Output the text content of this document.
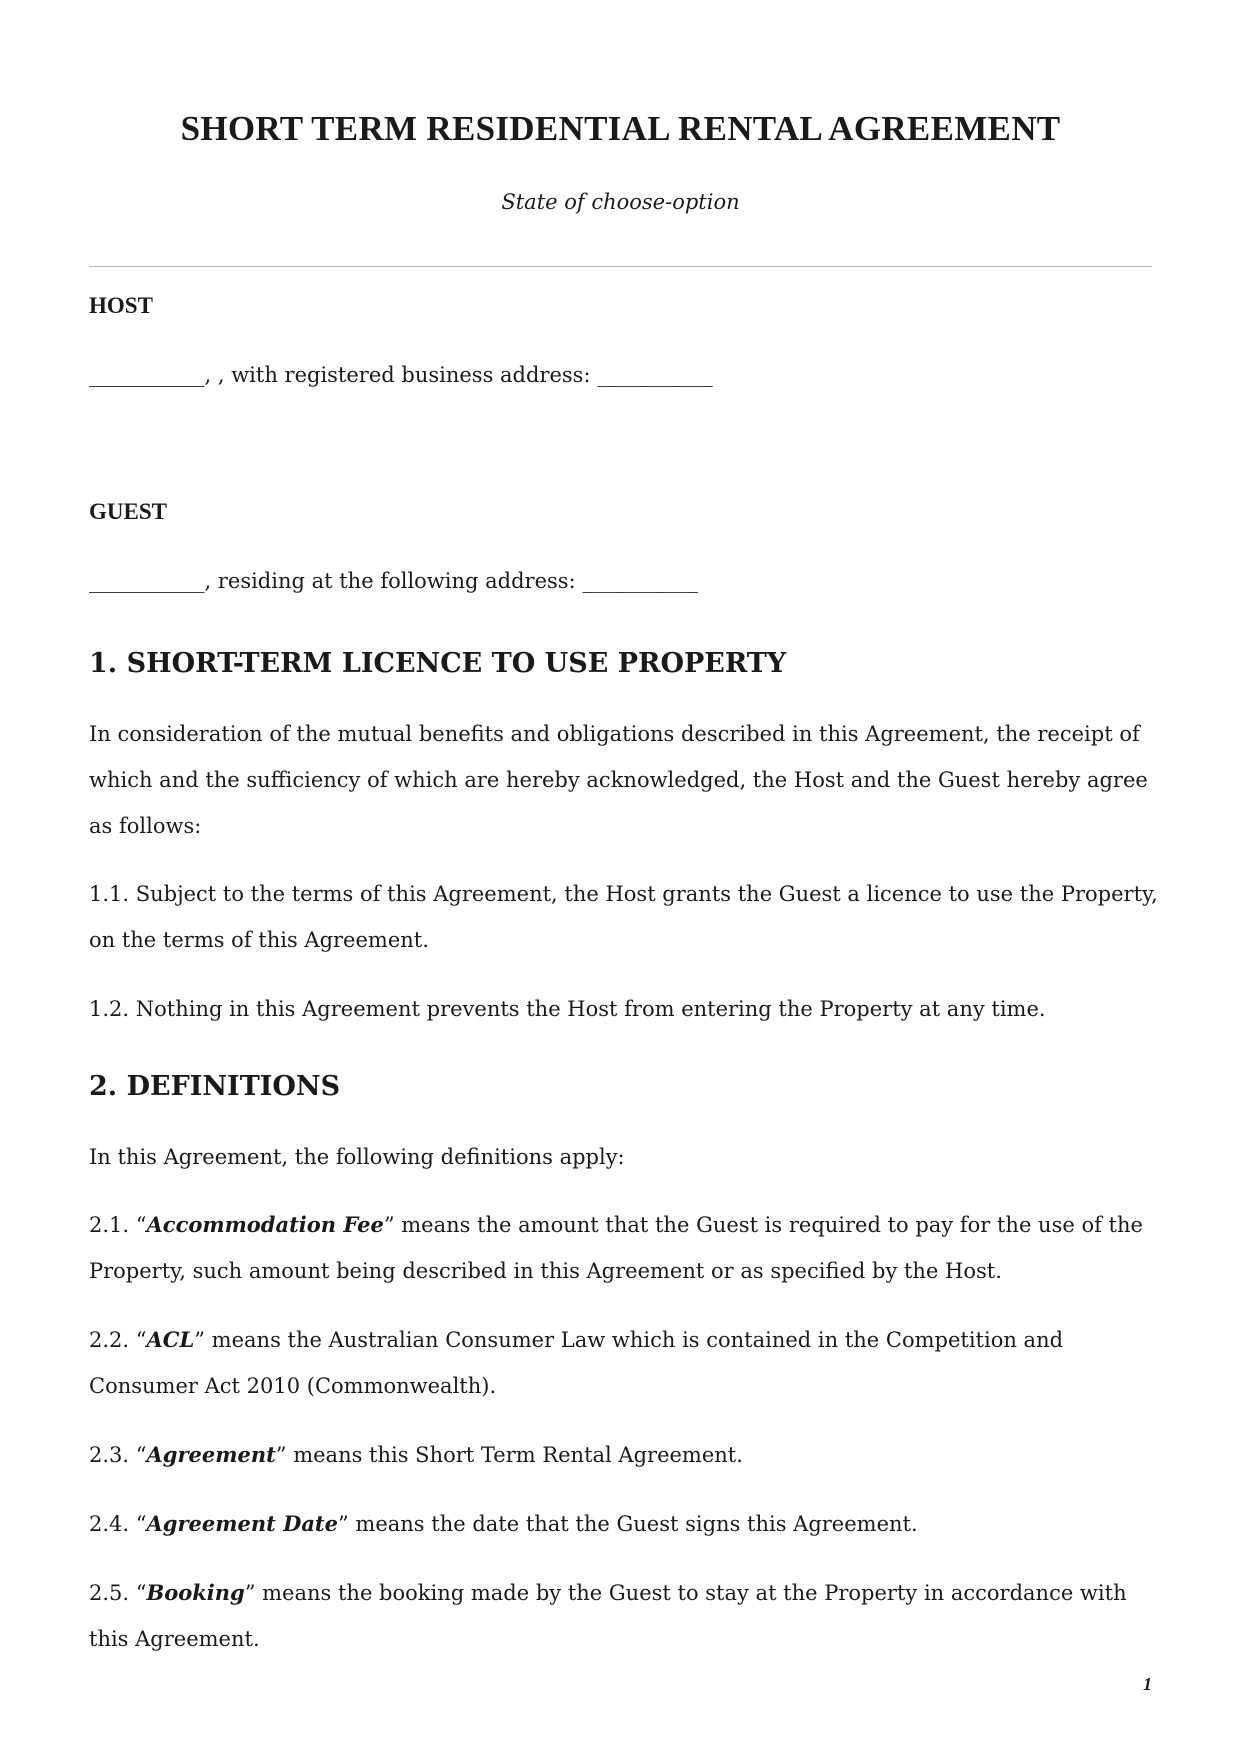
SHORT TERM RESIDENTIAL RENTAL AGREEMENT

State of choose-option

HOST

___________, , with registered business address: ___________

GUEST

___________, residing at the following address: ___________

1. SHORT-TERM LICENCE TO USE PROPERTY

In consideration of the mutual benefits and obligations described in this Agreement, the receipt of which and the sufficiency of which are hereby acknowledged, the Host and the Guest hereby agree as follows:

1.1. Subject to the terms of this Agreement, the Host grants the Guest a licence to use the Property, on the terms of this Agreement.

1.2. Nothing in this Agreement prevents the Host from entering the Property at any time.

2. DEFINITIONS

In this Agreement, the following definitions apply:

2.1. “Accommodation Fee” means the amount that the Guest is required to pay for the use of the Property, such amount being described in this Agreement or as specified by the Host.

2.2. “ACL” means the Australian Consumer Law which is contained in the Competition and Consumer Act 2010 (Commonwealth).

2.3. “Agreement” means this Short Term Rental Agreement.

2.4. “Agreement Date” means the date that the Guest signs this Agreement.

2.5. “Booking” means the booking made by the Guest to stay at the Property in accordance with this Agreement.

1
